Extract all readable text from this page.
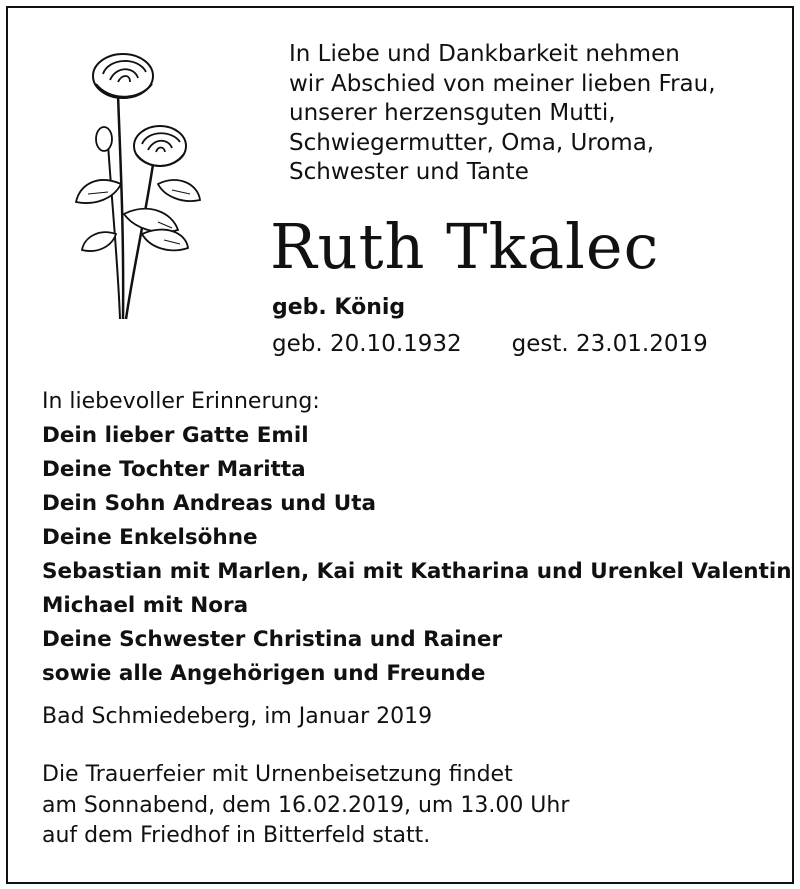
In Liebe und Dankbarkeit nehmen
wir Abschied von meiner lieben Frau,
unserer herzensguten Mutti,
Schwiegermutter, Oma, Uroma,
Schwester und Tante
Ruth Tkalec
geb. König
geb. 20.10.1932 gest. 23.01.2019
In liebevoller Erinnerung:
Dein lieber Gatte Emil
Deine Tochter Maritta
Dein Sohn Andreas und Uta
Deine Enkelsöhne
Sebastian mit Marlen, Kai mit Katharina und Urenkel Valentin
Michael mit Nora
Deine Schwester Christina und Rainer
sowie alle Angehörigen und Freunde
Bad Schmiedeberg, im Januar 2019
Die Trauerfeier mit Urnenbeisetzung findet
am Sonnabend, dem 16.02.2019, um 13.00 Uhr
auf dem Friedhof in Bitterfeld statt.
